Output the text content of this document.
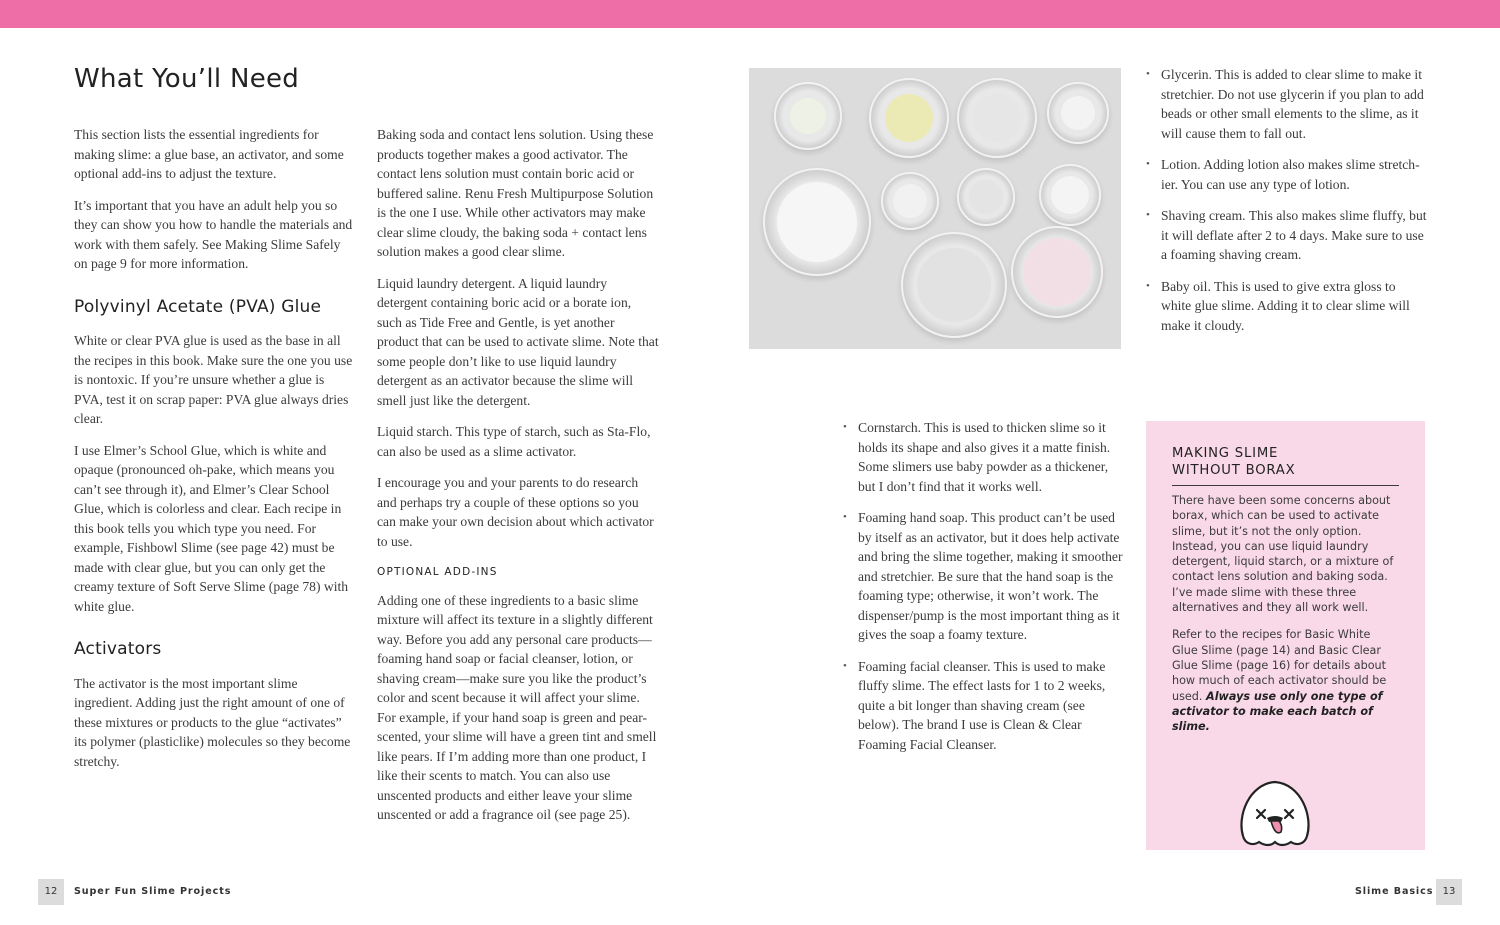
What You’ll Need

This section lists the essential ingredients for making slime: a glue base, an activator, and some optional add-ins to adjust the texture.

It’s important that you have an adult help you so they can show you how to handle the materials and work with them safely. See Making Slime Safely on page 9 for more information.

Polyvinyl Acetate (PVA) Glue

White or clear PVA glue is used as the base in all the recipes in this book. Make sure the one you use is nontoxic. If you’re unsure whether a glue is PVA, test it on scrap paper: PVA glue always dries clear.

I use Elmer’s School Glue, which is white and opaque (pronounced oh-pake, which means you can’t see through it), and Elmer’s Clear School Glue, which is colorless and clear. Each recipe in this book tells you which type you need. For example, Fishbowl Slime (see page 42) must be made with clear glue, but you can only get the creamy texture of Soft Serve Slime (page 78) with white glue.

Activators

The activator is the most important slime ingredient. Adding just the right amount of one of these mixtures or products to the glue “activates” its polymer (plasticlike) molecules so they become stretchy.

Baking soda and contact lens solution. Using these products together makes a good activator. The contact lens solution must contain boric acid or buffered saline. Renu Fresh Multipurpose Solution is the one I use. While other activators may make clear slime cloudy, the baking soda + contact lens solution makes a good clear slime.

Liquid laundry detergent. A liquid laundry detergent containing boric acid or a borate ion, such as Tide Free and Gentle, is yet another product that can be used to activate slime. Note that some people don’t like to use liquid laundry detergent as an activator because the slime will smell just like the detergent.

Liquid starch. This type of starch, such as Sta-Flo, can also be used as a slime activator.

I encourage you and your parents to do research and perhaps try a couple of these options so you can make your own decision about which activator to use.

OPTIONAL ADD-INS

Adding one of these ingredients to a basic slime mixture will affect its texture in a slightly different way. Before you add any personal care products—foaming hand soap or facial cleanser, lotion, or shaving cream—make sure you like the product’s color and scent because it will affect your slime. For example, if your hand soap is green and pear-scented, your slime will have a green tint and smell like pears. If I’m adding more than one product, I like their scents to match. You can also use unscented products and either leave your slime unscented or add a fragrance oil (see page 25).

• Glycerin. This is added to clear slime to make it stretchier. Do not use glycerin if you plan to add beads or other small elements to the slime, as it will cause them to fall out.
• Lotion. Adding lotion also makes slime stretchier. You can use any type of lotion.
• Shaving cream. This also makes slime fluffy, but it will deflate after 2 to 4 days. Make sure to use a foaming shaving cream.
• Baby oil. This is used to give extra gloss to white glue slime. Adding it to clear slime will make it cloudy.
• Cornstarch. This is used to thicken slime so it holds its shape and also gives it a matte finish. Some slimers use baby powder as a thickener, but I don’t find that it works well.
• Foaming hand soap. This product can’t be used by itself as an activator, but it does help activate and bring the slime together, making it smoother and stretchier. Be sure that the hand soap is the foaming type; otherwise, it won’t work. The dispenser/pump is the most important thing as it gives the soap a foamy texture.
• Foaming facial cleanser. This is used to make fluffy slime. The effect lasts for 1 to 2 weeks, quite a bit longer than shaving cream (see below). The brand I use is Clean & Clear Foaming Facial Cleanser.
MAKING SLIME
WITHOUT BORAX

There have been some concerns about borax, which can be used to activate slime, but it’s not the only option. Instead, you can use liquid laundry detergent, liquid starch, or a mixture of contact lens solution and baking soda. I’ve made slime with these three alternatives and they all work well.

Refer to the recipes for Basic White Glue Slime (page 14) and Basic Clear Glue Slime (page 16) for details about how much of each activator should be used. Always use only one type of activator to make each batch of slime.

12	Super Fun Slime Projects	Slime Basics 13
